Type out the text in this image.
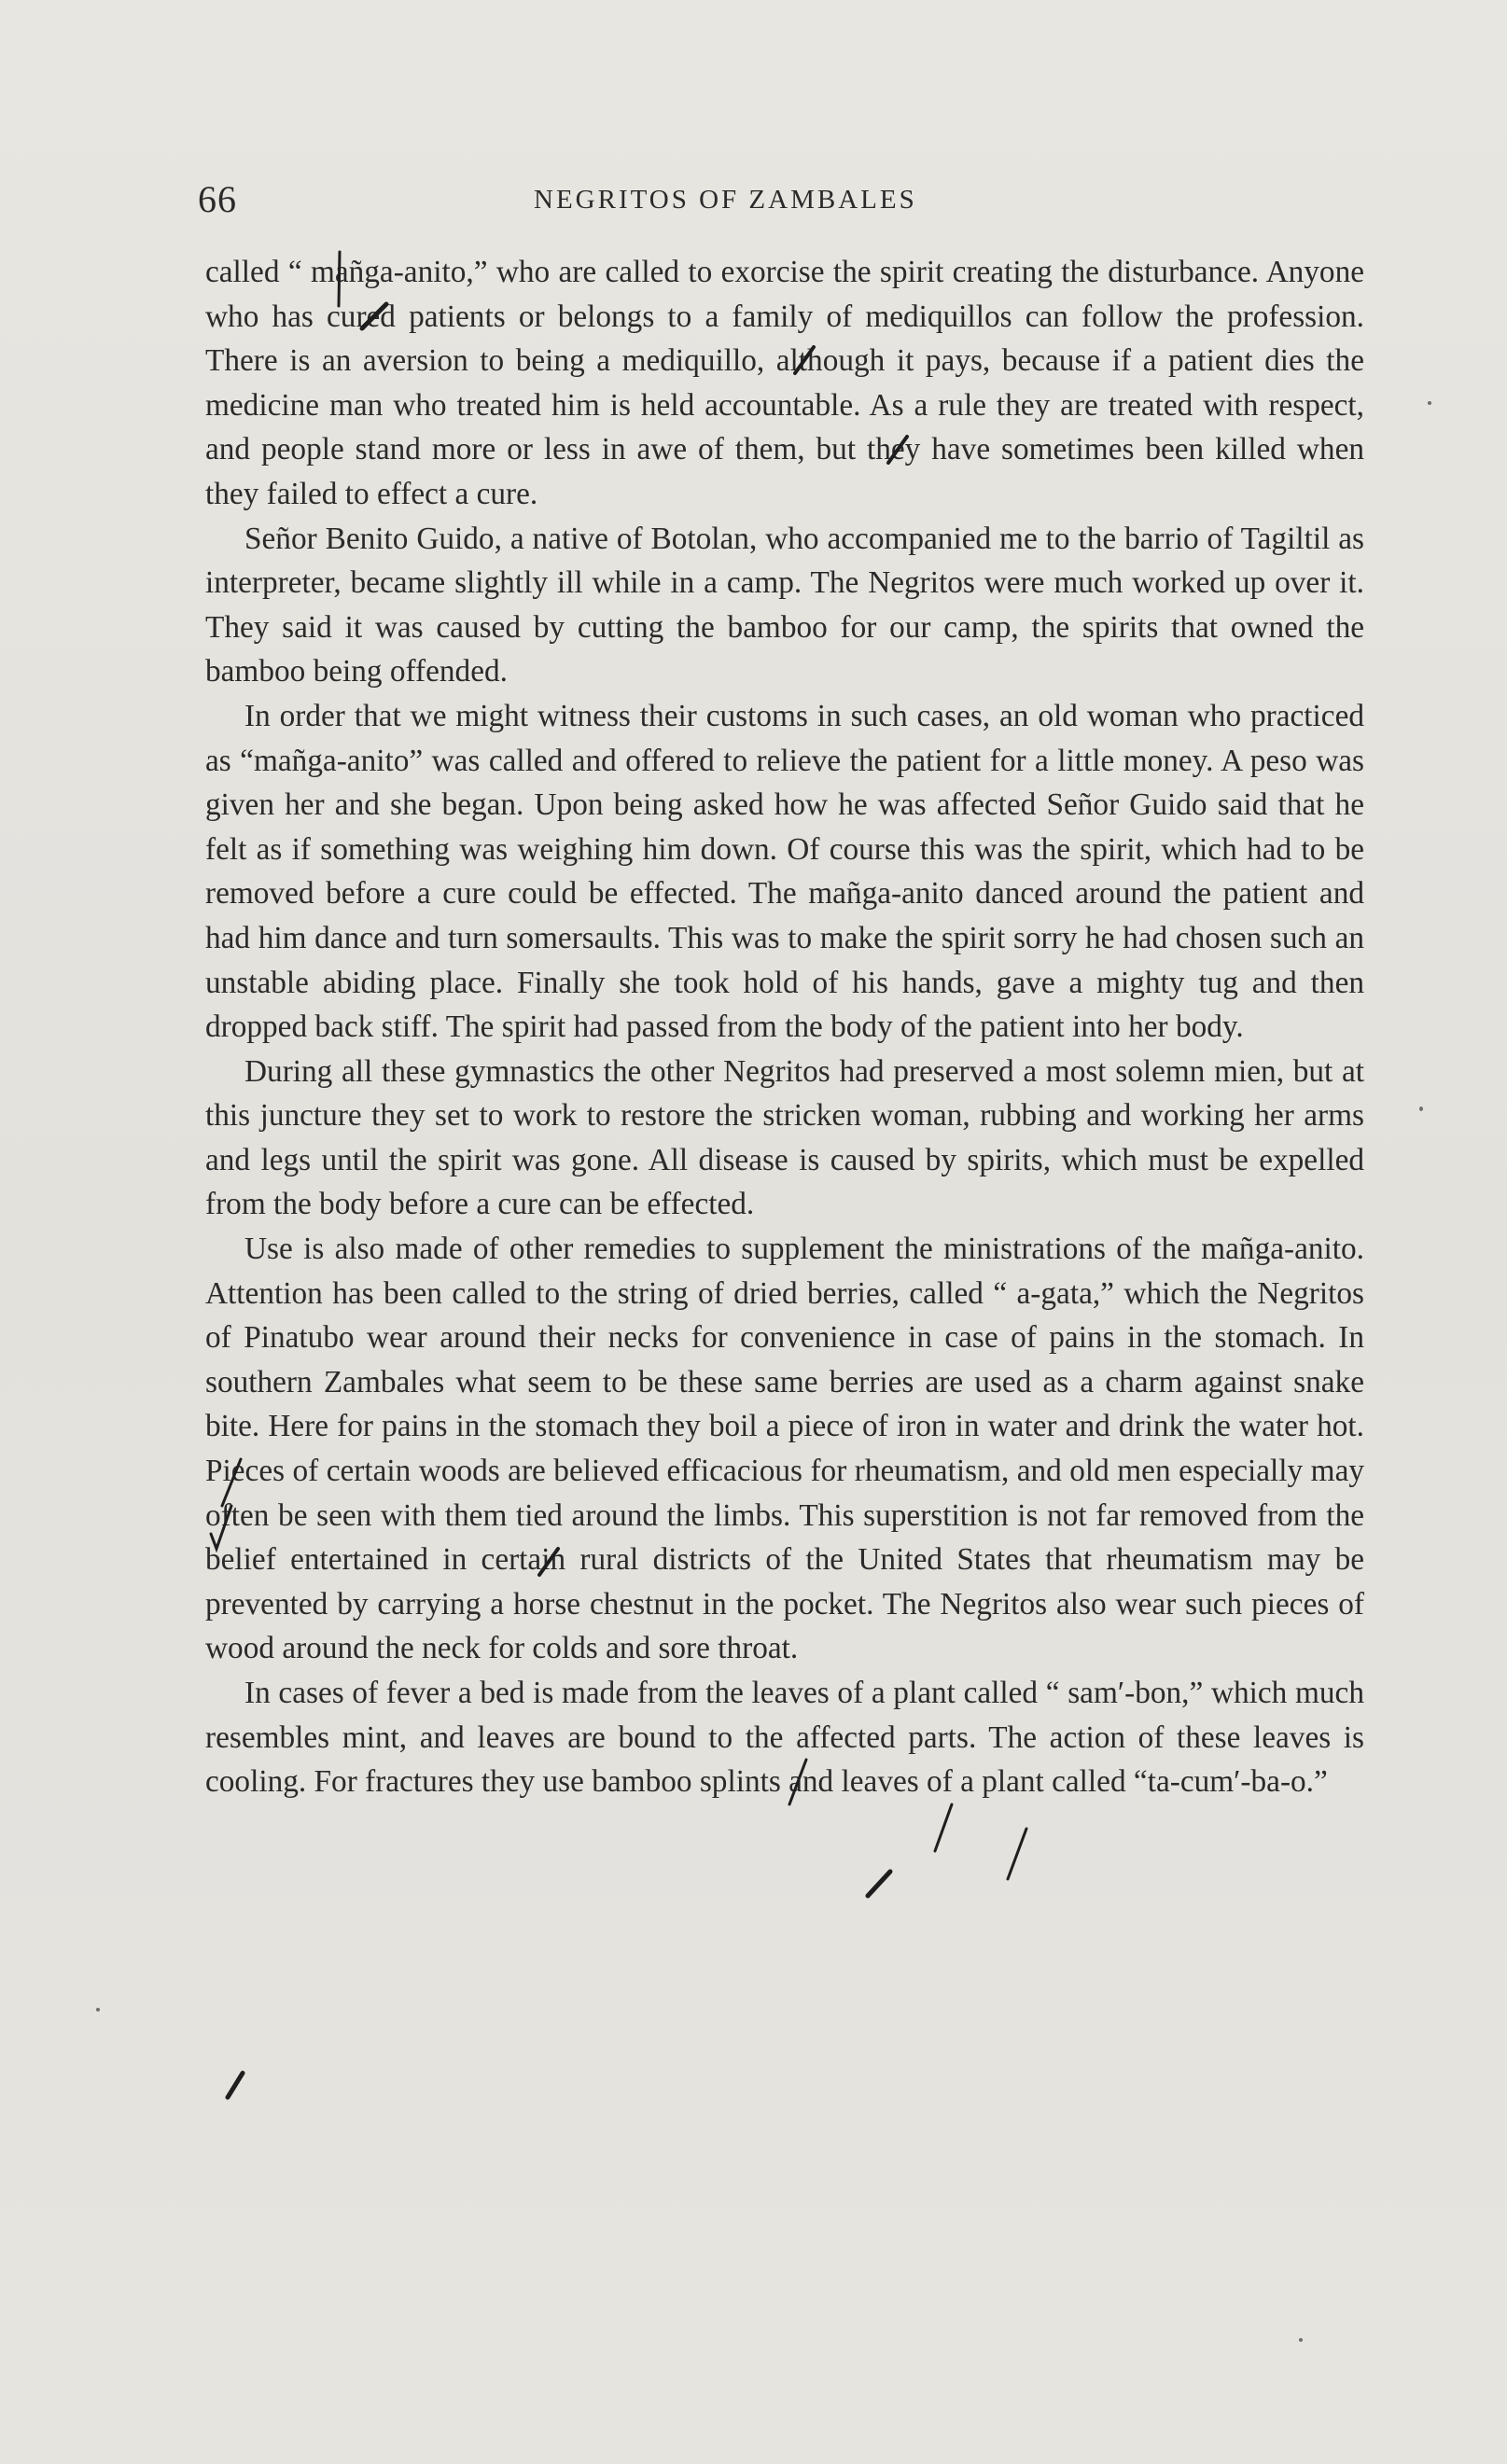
66	NEGRITOS OF ZAMBALES

called “ mañga-anito,” who are called to exorcise the spirit creating the disturbance. Anyone who has cured patients or belongs to a family of mediquillos can follow the profession. There is an aversion to being a mediquillo, although it pays, because if a patient dies the medicine man who treated him is held accountable. As a rule they are treated with respect, and people stand more or less in awe of them, but they have sometimes been killed when they failed to effect a cure.

Señor Benito Guido, a native of Botolan, who accompanied me to the barrio of Tagiltil as interpreter, became slightly ill while in a camp. The Negritos were much worked up over it. They said it was caused by cutting the bamboo for our camp, the spirits that owned the bamboo being offended.

In order that we might witness their customs in such cases, an old woman who practiced as “mañga-anito” was called and offered to relieve the patient for a little money. A peso was given her and she began. Upon being asked how he was affected Señor Guido said that he felt as if something was weighing him down. Of course this was the spirit, which had to be removed before a cure could be effected. The mañga-anito danced around the patient and had him dance and turn somersaults. This was to make the spirit sorry he had chosen such an unstable abiding place. Finally she took hold of his hands, gave a mighty tug and then dropped back stiff. The spirit had passed from the body of the patient into her body.

During all these gymnastics the other Negritos had preserved a most solemn mien, but at this juncture they set to work to restore the stricken woman, rubbing and working her arms and legs until the spirit was gone. All disease is caused by spirits, which must be expelled from the body before a cure can be effected.

Use is also made of other remedies to supplement the ministrations of the mañga-anito. Attention has been called to the string of dried berries, called “ a-gata,” which the Negritos of Pinatubo wear around their necks for convenience in case of pains in the stomach. In southern Zambales what seem to be these same berries are used as a charm against snake bite. Here for pains in the stomach they boil a piece of iron in water and drink the water hot. Pieces of certain woods are believed efficacious for rheumatism, and old men especially may often be seen with them tied around the limbs. This superstition is not far removed from the belief entertained in certain rural districts of the United States that rheumatism may be prevented by carrying a horse chestnut in the pocket. The Negritos also wear such pieces of wood around the neck for colds and sore throat.

In cases of fever a bed is made from the leaves of a plant called “ sam′-bon,” which much resembles mint, and leaves are bound to the affected parts. The action of these leaves is cooling. For fractures they use bamboo splints and leaves of a plant called “ta-cum′-ba-o.”
